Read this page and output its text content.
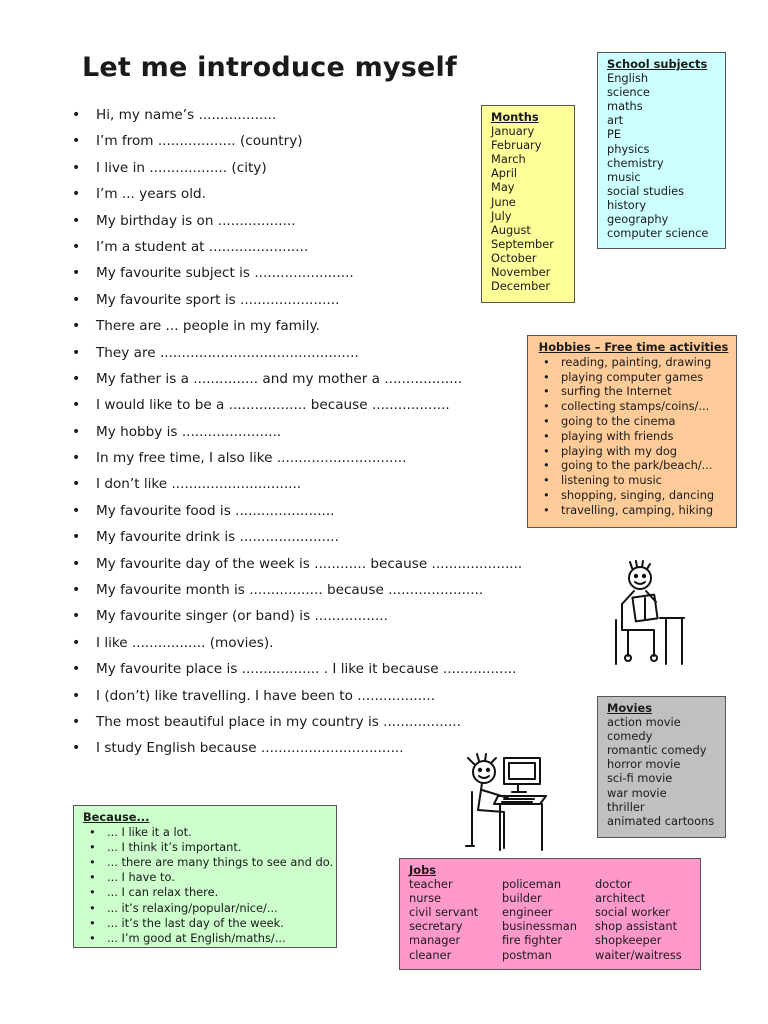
Let me introduce myself
• Hi, my name’s ..................
• I’m from .................. (country)
• I live in .................. (city)
• I’m ... years old.
• My birthday is on ..................
• I’m a student at .......................
• My favourite subject is .......................
• My favourite sport is .......................
• There are ... people in my family.
• They are ..............................................
• My father is a ............... and my mother a ..................
• I would like to be a .................. because ..................
• My hobby is .......................
• In my free time, I also like ..............................
• I don’t like ..............................
• My favourite food is .......................
• My favourite drink is .......................
• My favourite day of the week is ............ because .....................
• My favourite month is ................. because ......................
• My favourite singer (or band) is .................
• I like ................. (movies).
• My favourite place is .................. . I like it because .................
• I (don’t) like travelling. I have been to ..................
• The most beautiful place in my country is ..................
• I study English because .................................
Months
January
February
March
April
May
June
July
August
September
October
November
December
School subjects
English
science
maths
art
PE
physics
chemistry
music
social studies
history
geography
computer science
Hobbies – Free time activities
• reading, painting, drawing
• playing computer games
• surfing the Internet
• collecting stamps/coins/...
• going to the cinema
• playing with friends
• playing with my dog
• going to the park/beach/...
• listening to music
• shopping, singing, dancing
• travelling, camping, hiking
Movies
action movie
comedy
romantic comedy
horror movie
sci-fi movie
war movie
thriller
animated cartoons
Because...
• ... I like it a lot.
• ... I think it’s important.
• ... there are many things to see and do.
• ... I have to.
• ... I can relax there.
• ... it’s relaxing/popular/nice/...
• ... it’s the last day of the week.
• ... I’m good at English/maths/...
Jobs
teacher
nurse
civil servant
secretary
manager
cleaner
policeman
builder
engineer
businessman
fire fighter
postman
doctor
architect
social worker
shop assistant
shopkeeper
waiter/waitress
